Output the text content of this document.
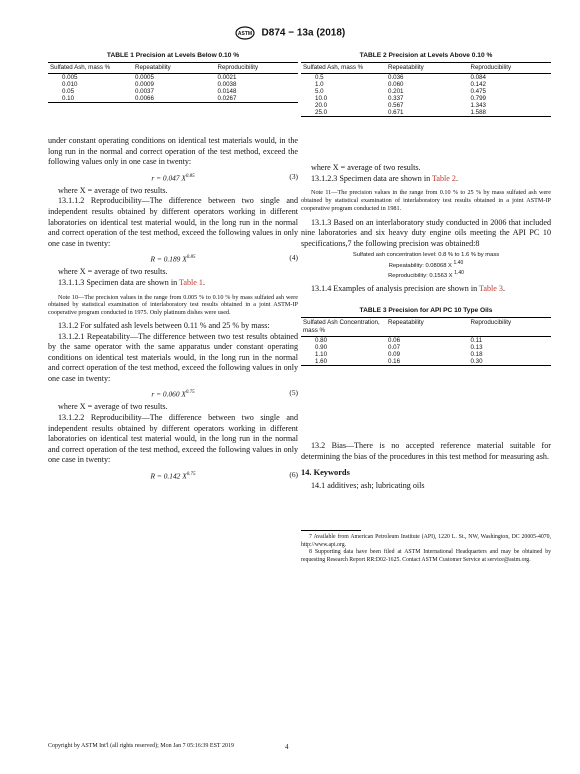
ASTM D874 − 13a (2018)
TABLE 1 Precision at Levels Below 0.10 %
Sulfated Ash, mass %	Repeatability	Reproducibility
0.005	0.0005	0.0021
0.010	0.0009	0.0038
0.05	0.0037	0.0148
0.10	0.0066	0.0267

under constant operating conditions on identical test materials would, in the long run in the normal and correct operation of the test method, exceed the following values only in one case in twenty:

r = 0.047 $X^{0.85}$	(3)

where X = average of two results.

13.1.1.2 Reproducibility—The difference between two single and independent results obtained by different operators working in different laboratories on identical test material would, in the long run in the normal and correct operation of the test method, exceed the following values in only one case in twenty:

R = 0.189 $X^{0.85}$	(4)

where X = average of two results.

13.1.1.3 Specimen data are shown in Table 1.

Note 10—The precision values in the range from 0.005 % to 0.10 % by mass sulfated ash were obtained by statistical examination of interlaboratory test results obtained in a joint ASTM-IP cooperative program conducted in 1975. Only platinum dishes were used.

13.1.2 For sulfated ash levels between 0.11 % and 25 % by mass:

13.1.2.1 Repeatability—The difference between two test results obtained by the same operator with the same apparatus under constant operating conditions on identical test materials would, in the long run in the normal and correct operation of the test method, exceed the following values in only one case in twenty:

r = 0.060 $X^{0.75}$	(5)

where X = average of two results.

13.1.2.2 Reproducibility—The difference between two single and independent results obtained by different operators working in different laboratories on identical test material would, in the long run in the normal and correct operation of the test method, exceed the following values in only one case in twenty:

R = 0.142 $X^{0.75}$	(6)
TABLE 2 Precision at Levels Above 0.10 %
Sulfated Ash, mass %	Repeatability	Reproducibility
0.5	0.036	0.084
1.0	0.060	0.142
5.0	0.201	0.475
10.0	0.337	0.799
20.0	0.567	1.343
25.0	0.671	1.588

where X = average of two results.

13.1.2.3 Specimen data are shown in Table 2.

Note 11—The precision values in the range from 0.10 % to 25 % by mass sulfated ash were obtained by statistical examination of interlaboratory test results obtained in a joint ASTM-IP cooperative program conducted in 1981.

13.1.3 Based on an interlaboratory study conducted in 2006 that included nine laboratories and six heavy duty engine oils meeting the API PC 10 specifications,7 the following precision was obtained:8

Sulfated ash concentration level: 0.8 % to 1.6 % by mass
Repeatability: 0.08068 X 1.40
Reproducibility: 0.1563 X 1.40

13.1.4 Examples of analysis precision are shown in Table 3.

TABLE 3 Precision for API PC 10 Type Oils
Sulfated Ash Concentration, mass %	Repeatability	Reproducibility
0.80	0.06	0.11
0.90	0.07	0.13
1.10	0.09	0.18
1.60	0.16	0.30

13.2 Bias—There is no accepted reference material suitable for determining the bias of the procedures in this test method for measuring ash.

14. Keywords

14.1 additives; ash; lubricating oils

7 Available from American Petroleum Institute (API), 1220 L. St., NW, Washington, DC 20005-4070, http://www.api.org.

8 Supporting data have been filed at ASTM International Headquarters and may be obtained by requesting Research Report RR:D02-1625. Contact ASTM Customer Service at service@astm.org.

Copyright by ASTM Int'l (all rights reserved); Mon Jan 7 05:16:39 EST 2019	4
